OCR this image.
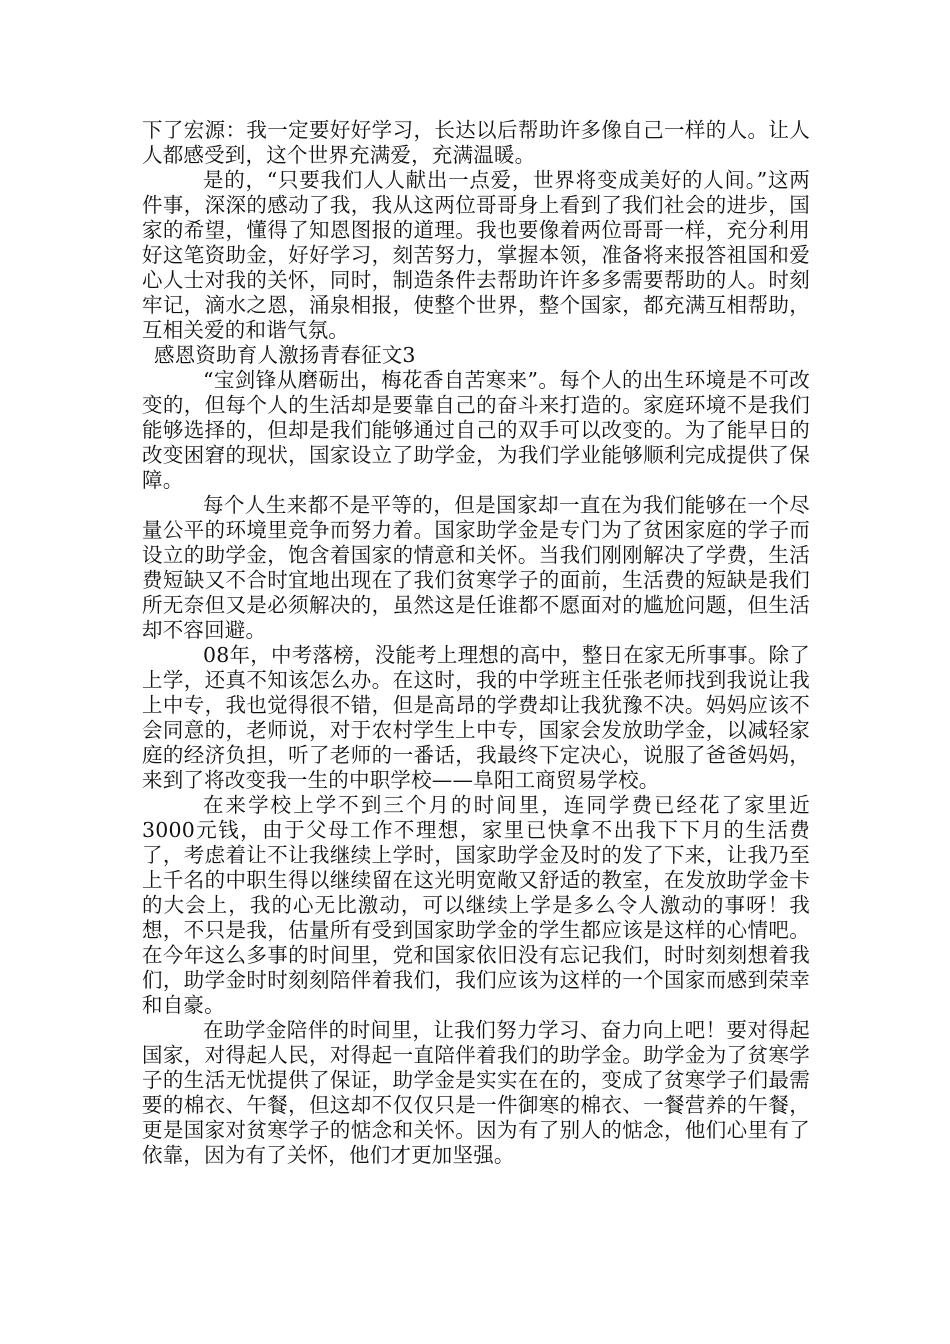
下了宏源：我一定要好好学习，长达以后帮助许多像自己一样的人。让人人都感受到，这个世界充满爱，充满温暖。

是的，“只要我们人人献出一点爱，世界将变成美好的人间。”这两件事，深深的感动了我，我从这两位哥哥身上看到了我们社会的进步，国家的希望，懂得了知恩图报的道理。我也要像着两位哥哥一样，充分利用好这笔资助金，好好学习，刻苦努力，掌握本领，准备将来报答祖国和爱心人士对我的关怀，同时，制造条件去帮助许许多多需要帮助的人。时刻牢记，滴水之恩，涌泉相报，使整个世界，整个国家，都充满互相帮助，互相关爱的和谐气氛。

感恩资助育人激扬青春征文3

“宝剑锋从磨砺出，梅花香自苦寒来”。每个人的出生环境是不可改变的，但每个人的生活却是要靠自己的奋斗来打造的。家庭环境不是我们能够选择的，但却是我们能够通过自己的双手可以改变的。为了能早日的改变困窘的现状，国家设立了助学金，为我们学业能够顺利完成提供了保障。

每个人生来都不是平等的，但是国家却一直在为我们能够在一个尽量公平的环境里竞争而努力着。国家助学金是专门为了贫困家庭的学子而设立的助学金，饱含着国家的情意和关怀。当我们刚刚解决了学费，生活费短缺又不合时宜地出现在了我们贫寒学子的面前，生活费的短缺是我们所无奈但又是必须解决的，虽然这是任谁都不愿面对的尴尬问题，但生活却不容回避。

08年，中考落榜，没能考上理想的高中，整日在家无所事事。除了上学，还真不知该怎么办。在这时，我的中学班主任张老师找到我说让我上中专，我也觉得很不错，但是高昂的学费却让我犹豫不决。妈妈应该不会同意的，老师说，对于农村学生上中专，国家会发放助学金，以减轻家庭的经济负担，听了老师的一番话，我最终下定决心，说服了爸爸妈妈，来到了将改变我一生的中职学校——阜阳工商贸易学校。

在来学校上学不到三个月的时间里，连同学费已经花了家里近3000元钱，由于父母工作不理想，家里已快拿不出我下下月的生活费了，考虑着让不让我继续上学时，国家助学金及时的发了下来，让我乃至上千名的中职生得以继续留在这光明宽敞又舒适的教室，在发放助学金卡的大会上，我的心无比激动，可以继续上学是多么令人激动的事呀！我想，不只是我，估量所有受到国家助学金的学生都应该是这样的心情吧。在今年这么多事的时间里，党和国家依旧没有忘记我们，时时刻刻想着我们，助学金时时刻刻陪伴着我们，我们应该为这样的一个国家而感到荣幸和自豪。

在助学金陪伴的时间里，让我们努力学习、奋力向上吧！要对得起国家，对得起人民，对得起一直陪伴着我们的助学金。助学金为了贫寒学子的生活无忧提供了保证，助学金是实实在在的，变成了贫寒学子们最需要的棉衣、午餐，但这却不仅仅只是一件御寒的棉衣、一餐营养的午餐，更是国家对贫寒学子的惦念和关怀。因为有了别人的惦念，他们心里有了依靠，因为有了关怀，他们才更加坚强。
